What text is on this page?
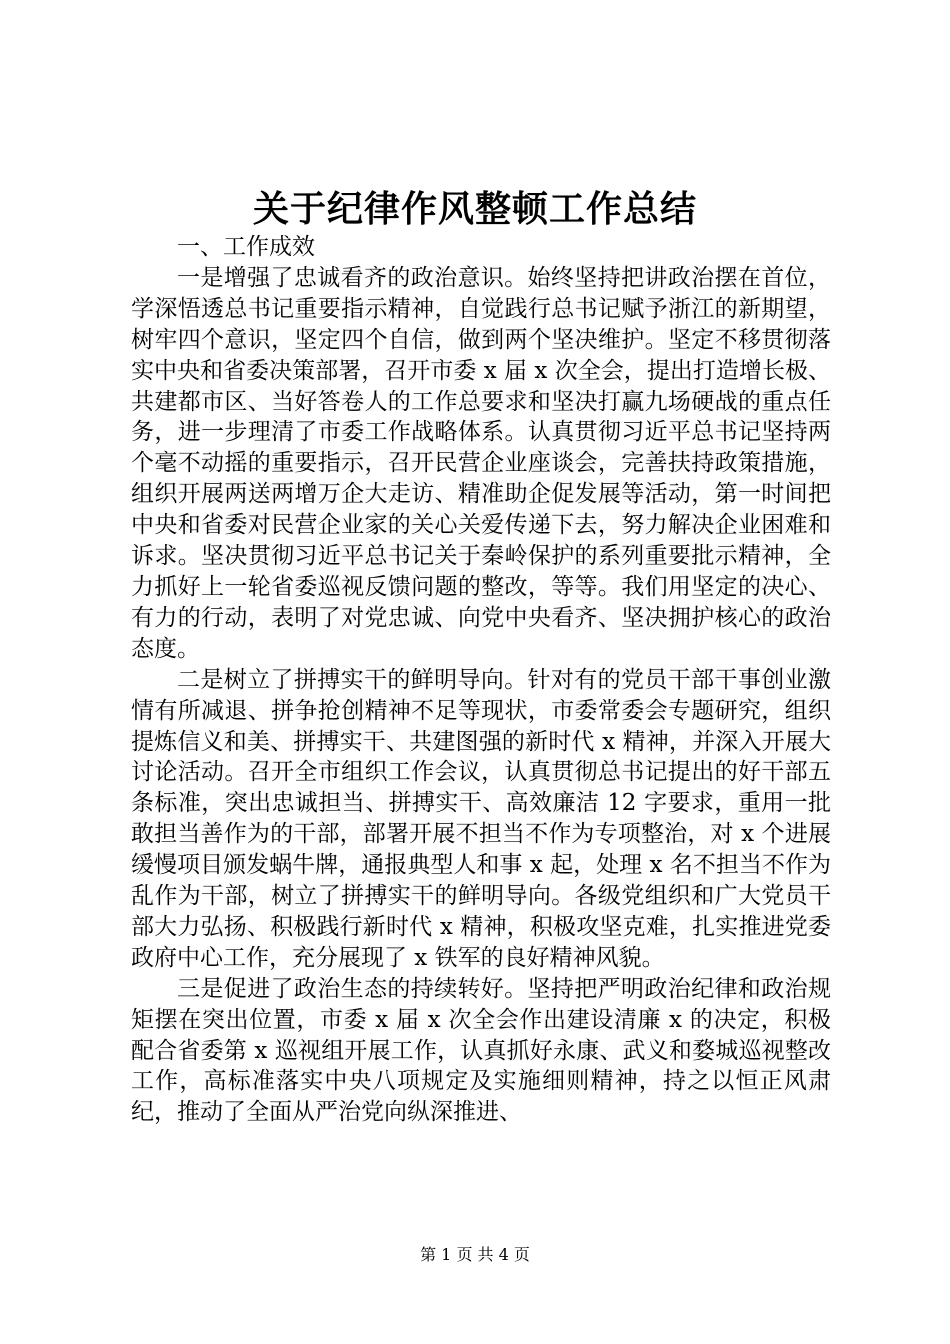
关于纪律作风整顿工作总结

一、工作成效

一是增强了忠诚看齐的政治意识。始终坚持把讲政治摆在首位，学深悟透总书记重要指示精神，自觉践行总书记赋予浙江的新期望，树牢四个意识，坚定四个自信，做到两个坚决维护。坚定不移贯彻落实中央和省委决策部署，召开市委 x 届 x 次全会，提出打造增长极、共建都市区、当好答卷人的工作总要求和坚决打赢九场硬战的重点任务，进一步理清了市委工作战略体系。认真贯彻习近平总书记坚持两个毫不动摇的重要指示，召开民营企业座谈会，完善扶持政策措施，组织开展两送两增万企大走访、精准助企促发展等活动，第一时间把中央和省委对民营企业家的关心关爱传递下去，努力解决企业困难和诉求。坚决贯彻习近平总书记关于秦岭保护的系列重要批示精神，全力抓好上一轮省委巡视反馈问题的整改，等等。我们用坚定的决心、有力的行动，表明了对党忠诚、向党中央看齐、坚决拥护核心的政治态度。

二是树立了拼搏实干的鲜明导向。针对有的党员干部干事创业激情有所减退、拼争抢创精神不足等现状，市委常委会专题研究，组织提炼信义和美、拼搏实干、共建图强的新时代 x 精神，并深入开展大讨论活动。召开全市组织工作会议，认真贯彻总书记提出的好干部五条标准，突出忠诚担当、拼搏实干、高效廉洁 12 字要求，重用一批敢担当善作为的干部，部署开展不担当不作为专项整治，对 x 个进展缓慢项目颁发蜗牛牌，通报典型人和事 x 起，处理 x 名不担当不作为乱作为干部，树立了拼搏实干的鲜明导向。各级党组织和广大党员干部大力弘扬、积极践行新时代 x 精神，积极攻坚克难，扎实推进党委政府中心工作，充分展现了 x 铁军的良好精神风貌。

三是促进了政治生态的持续转好。坚持把严明政治纪律和政治规矩摆在突出位置，市委 x 届 x 次全会作出建设清廉 x 的决定，积极配合省委第 x 巡视组开展工作，认真抓好永康、武义和婺城巡视整改工作，高标准落实中央八项规定及实施细则精神，持之以恒正风肃纪，推动了全面从严治党向纵深推进、

第 1 页 共 4 页
